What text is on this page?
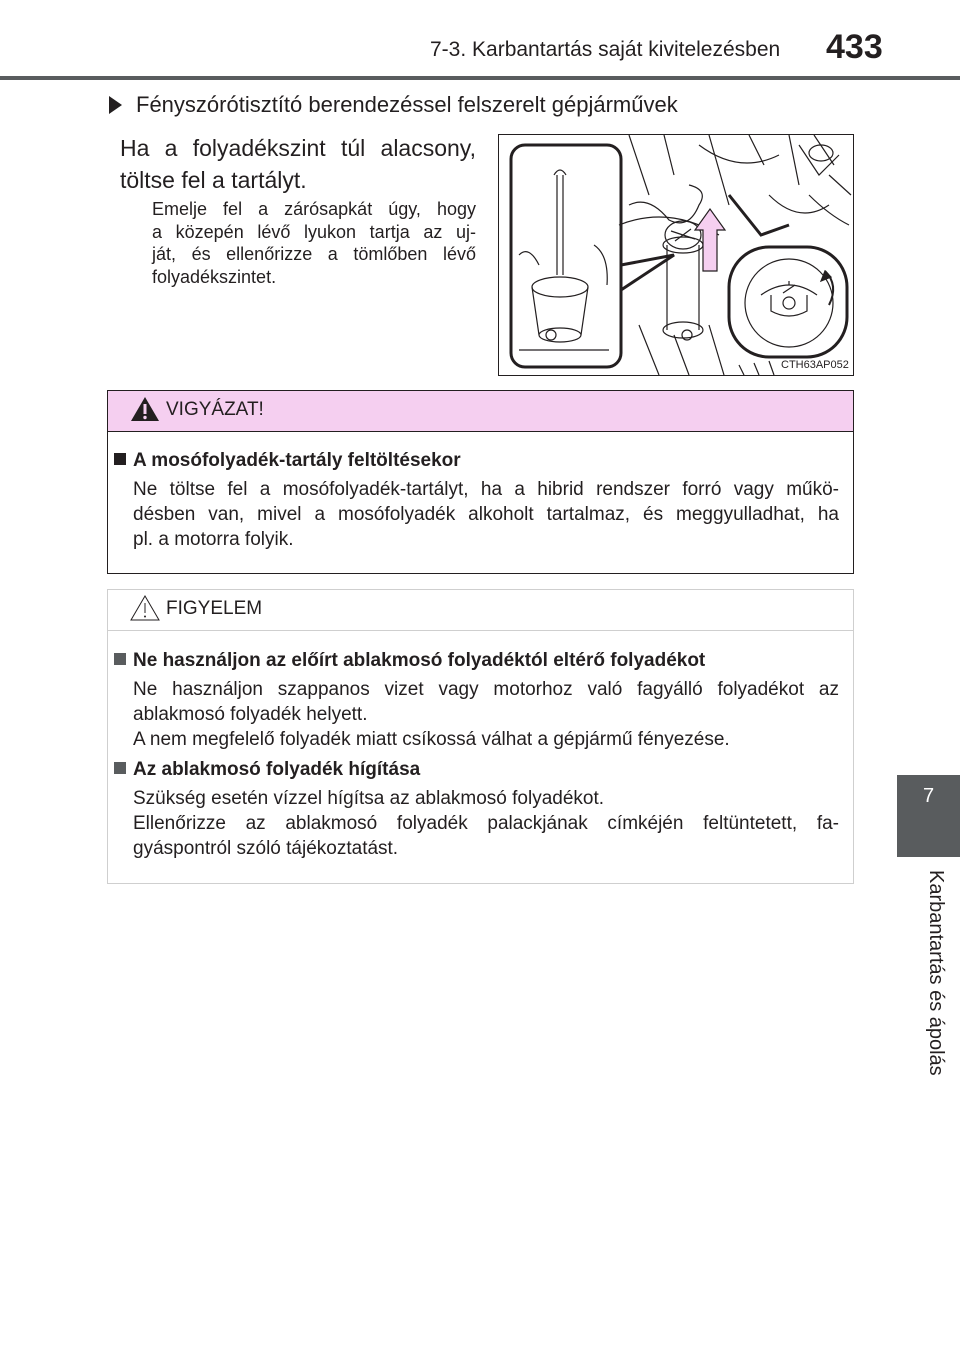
7-3. Karbantartás saját kivitelezésben 433
7
Karbantartás és ápolás
Fényszórótisztító berendezéssel felszerelt gépjárművek
Ha a folyadékszint túl alacsony,
töltse fel a tartályt.
Emelje fel a zárósapkát úgy, hogy
a közepén lévő lyukon tartja az uj-
ját, és ellenőrizze a tömlőben lévő
folyadékszintet.
CTH63AP052
VIGYÁZAT!
A mosófolyadék-tartály feltöltésekor
Ne töltse fel a mosófolyadék-tartályt, ha a hibrid rendszer forró vagy műkö-
désben van, mivel a mosófolyadék alkoholt tartalmaz, és meggyulladhat, ha
pl. a motorra folyik.
FIGYELEM
Ne használjon az előírt ablakmosó folyadéktól eltérő folyadékot
Az ablakmosó folyadék hígítása
Ne használjon szappanos vizet vagy motorhoz való fagyálló folyadékot az
ablakmosó folyadék helyett.
A nem megfelelő folyadék miatt csíkossá válhat a gépjármű fényezése.
Szükség esetén vízzel hígítsa az ablakmosó folyadékot.
Ellenőrizze az ablakmosó folyadék palackjának címkéjén feltüntetett, fa-
gyáspontról szóló tájékoztatást.
